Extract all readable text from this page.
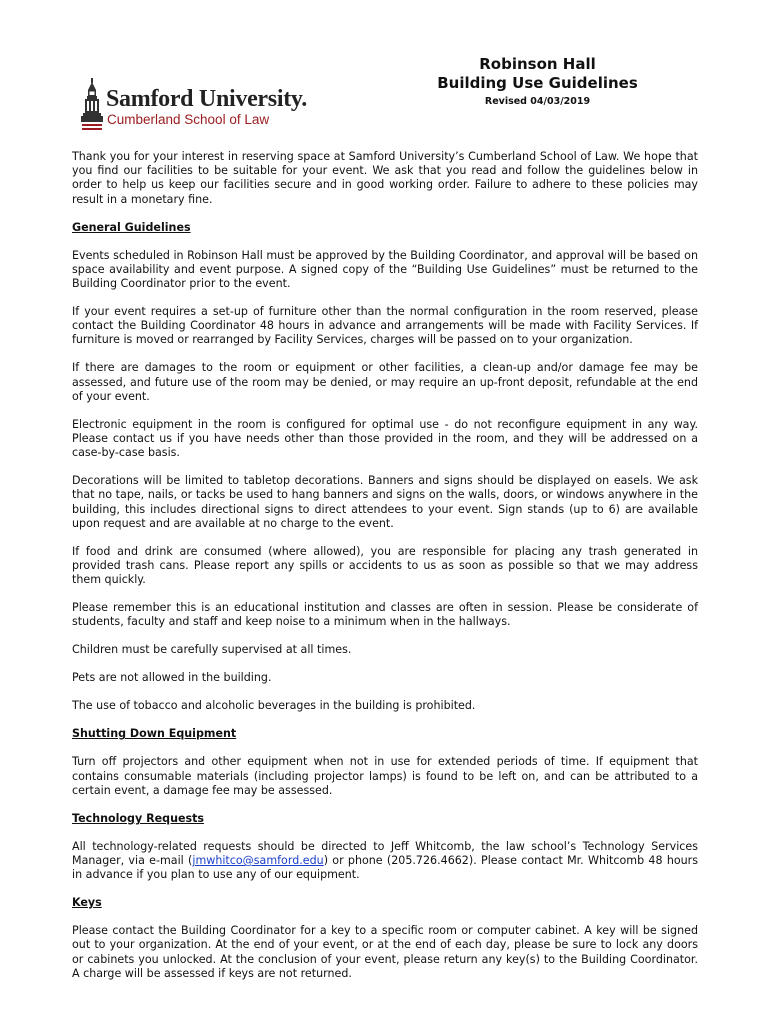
Samford University.
Cumberland School of Law
Robinson Hall
Building Use Guidelines
Revised 04/03/2019

Thank you for your interest in reserving space at Samford University’s Cumberland School of Law. We hope that you find our facilities to be suitable for your event. We ask that you read and follow the guidelines below in order to help us keep our facilities secure and in good working order. Failure to adhere to these policies may result in a monetary fine.

General Guidelines

Events scheduled in Robinson Hall must be approved by the Building Coordinator, and approval will be based on space availability and event purpose. A signed copy of the “Building Use Guidelines” must be returned to the Building Coordinator prior to the event.

If your event requires a set-up of furniture other than the normal configuration in the room reserved, please contact the Building Coordinator 48 hours in advance and arrangements will be made with Facility Services. If furniture is moved or rearranged by Facility Services, charges will be passed on to your organization.

If there are damages to the room or equipment or other facilities, a clean-up and/or damage fee may be assessed, and future use of the room may be denied, or may require an up-front deposit, refundable at the end of your event.

Electronic equipment in the room is configured for optimal use - do not reconfigure equipment in any way. Please contact us if you have needs other than those provided in the room, and they will be addressed on a case-by-case basis.

Decorations will be limited to tabletop decorations. Banners and signs should be displayed on easels. We ask that no tape, nails, or tacks be used to hang banners and signs on the walls, doors, or windows anywhere in the building, this includes directional signs to direct attendees to your event. Sign stands (up to 6) are available upon request and are available at no charge to the event.

If food and drink are consumed (where allowed), you are responsible for placing any trash generated in provided trash cans. Please report any spills or accidents to us as soon as possible so that we may address them quickly.

Please remember this is an educational institution and classes are often in session. Please be considerate of students, faculty and staff and keep noise to a minimum when in the hallways.

Children must be carefully supervised at all times.

Pets are not allowed in the building.

The use of tobacco and alcoholic beverages in the building is prohibited.

Shutting Down Equipment

Turn off projectors and other equipment when not in use for extended periods of time. If equipment that contains consumable materials (including projector lamps) is found to be left on, and can be attributed to a certain event, a damage fee may be assessed.

Technology Requests

All technology-related requests should be directed to Jeff Whitcomb, the law school’s Technology Services Manager, via e-mail (jmwhitco@samford.edu) or phone (205.726.4662). Please contact Mr. Whitcomb 48 hours in advance if you plan to use any of our equipment.

Keys

Please contact the Building Coordinator for a key to a specific room or computer cabinet. A key will be signed out to your organization. At the end of your event, or at the end of each day, please be sure to lock any doors or cabinets you unlocked. At the conclusion of your event, please return any key(s) to the Building Coordinator. A charge will be assessed if keys are not returned.
